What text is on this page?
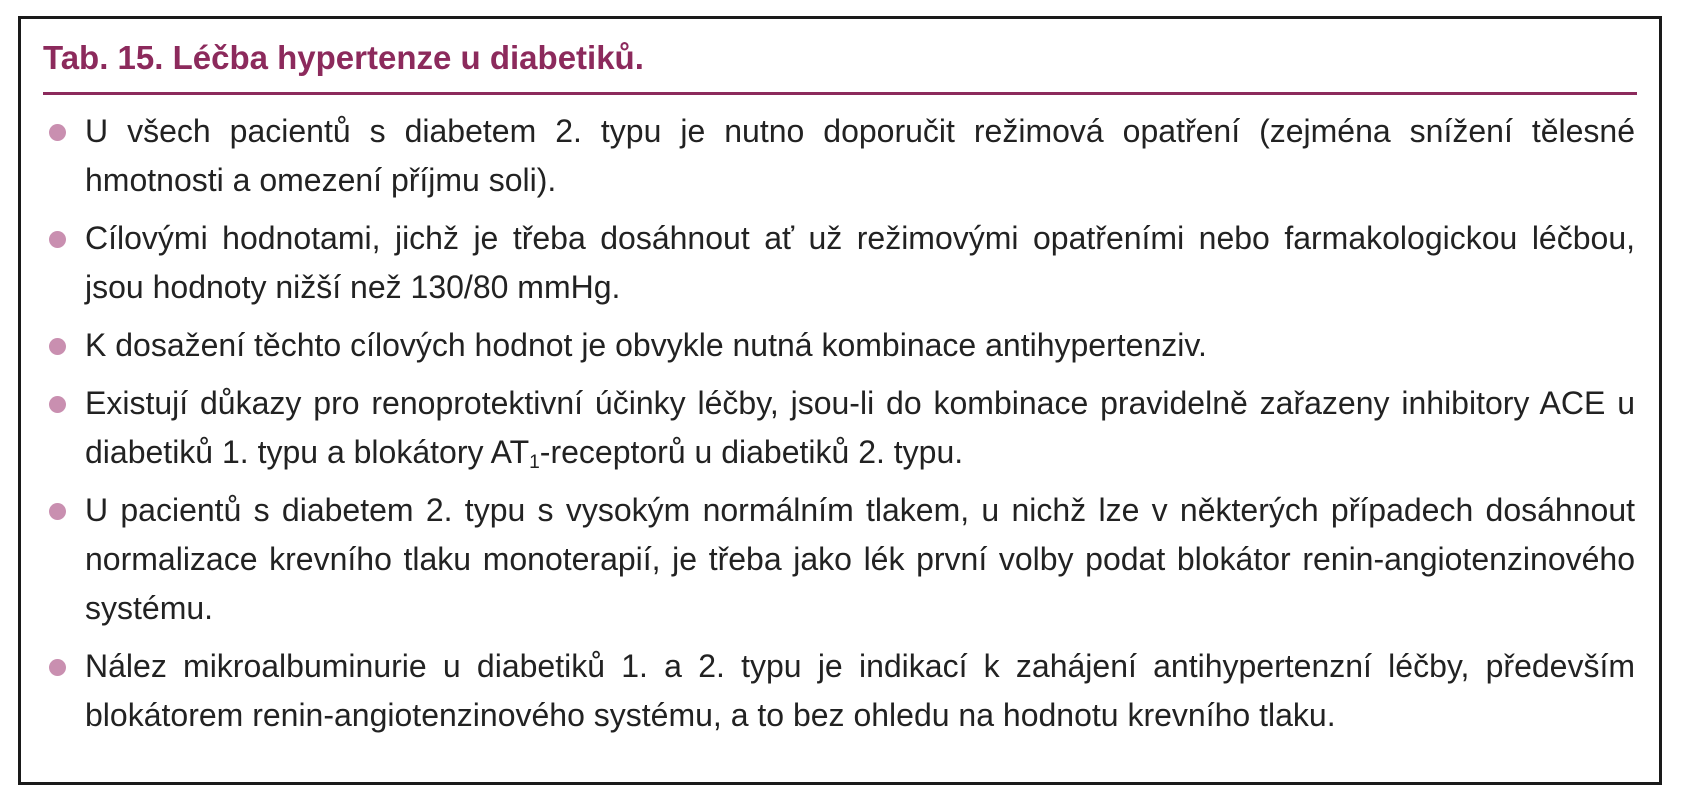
Tab. 15. Léčba hypertenze u diabetiků.
U všech pacientů s diabetem 2. typu je nutno doporučit režimová opatření (zejména snížení tělesné hmotnosti a omezení příjmu soli).
Cílovými hodnotami, jichž je třeba dosáhnout ať už režimovými opatřeními nebo farmakologickou léčbou, jsou hodnoty nižší než 130/80 mmHg.
K dosažení těchto cílových hodnot je obvykle nutná kombinace antihypertenziv.
Existují důkazy pro renoprotektivní účinky léčby, jsou-li do kombinace pravidelně zařazeny inhibitory ACE u diabetiků 1. typu a blokátory $AT_1$-receptorů u diabetiků 2. typu.
U pacientů s diabetem 2. typu s vysokým normálním tlakem, u nichž lze v některých případech dosáhnout normalizace krevního tlaku monoterapií, je třeba jako lék první volby podat blokátor renin-angiotenzinového systému.
Nález mikroalbuminurie u diabetiků 1. a 2. typu je indikací k zahájení antihypertenzní léčby, především blokátorem renin-angiotenzinového systému, a to bez ohledu na hodnotu krevního tlaku.
